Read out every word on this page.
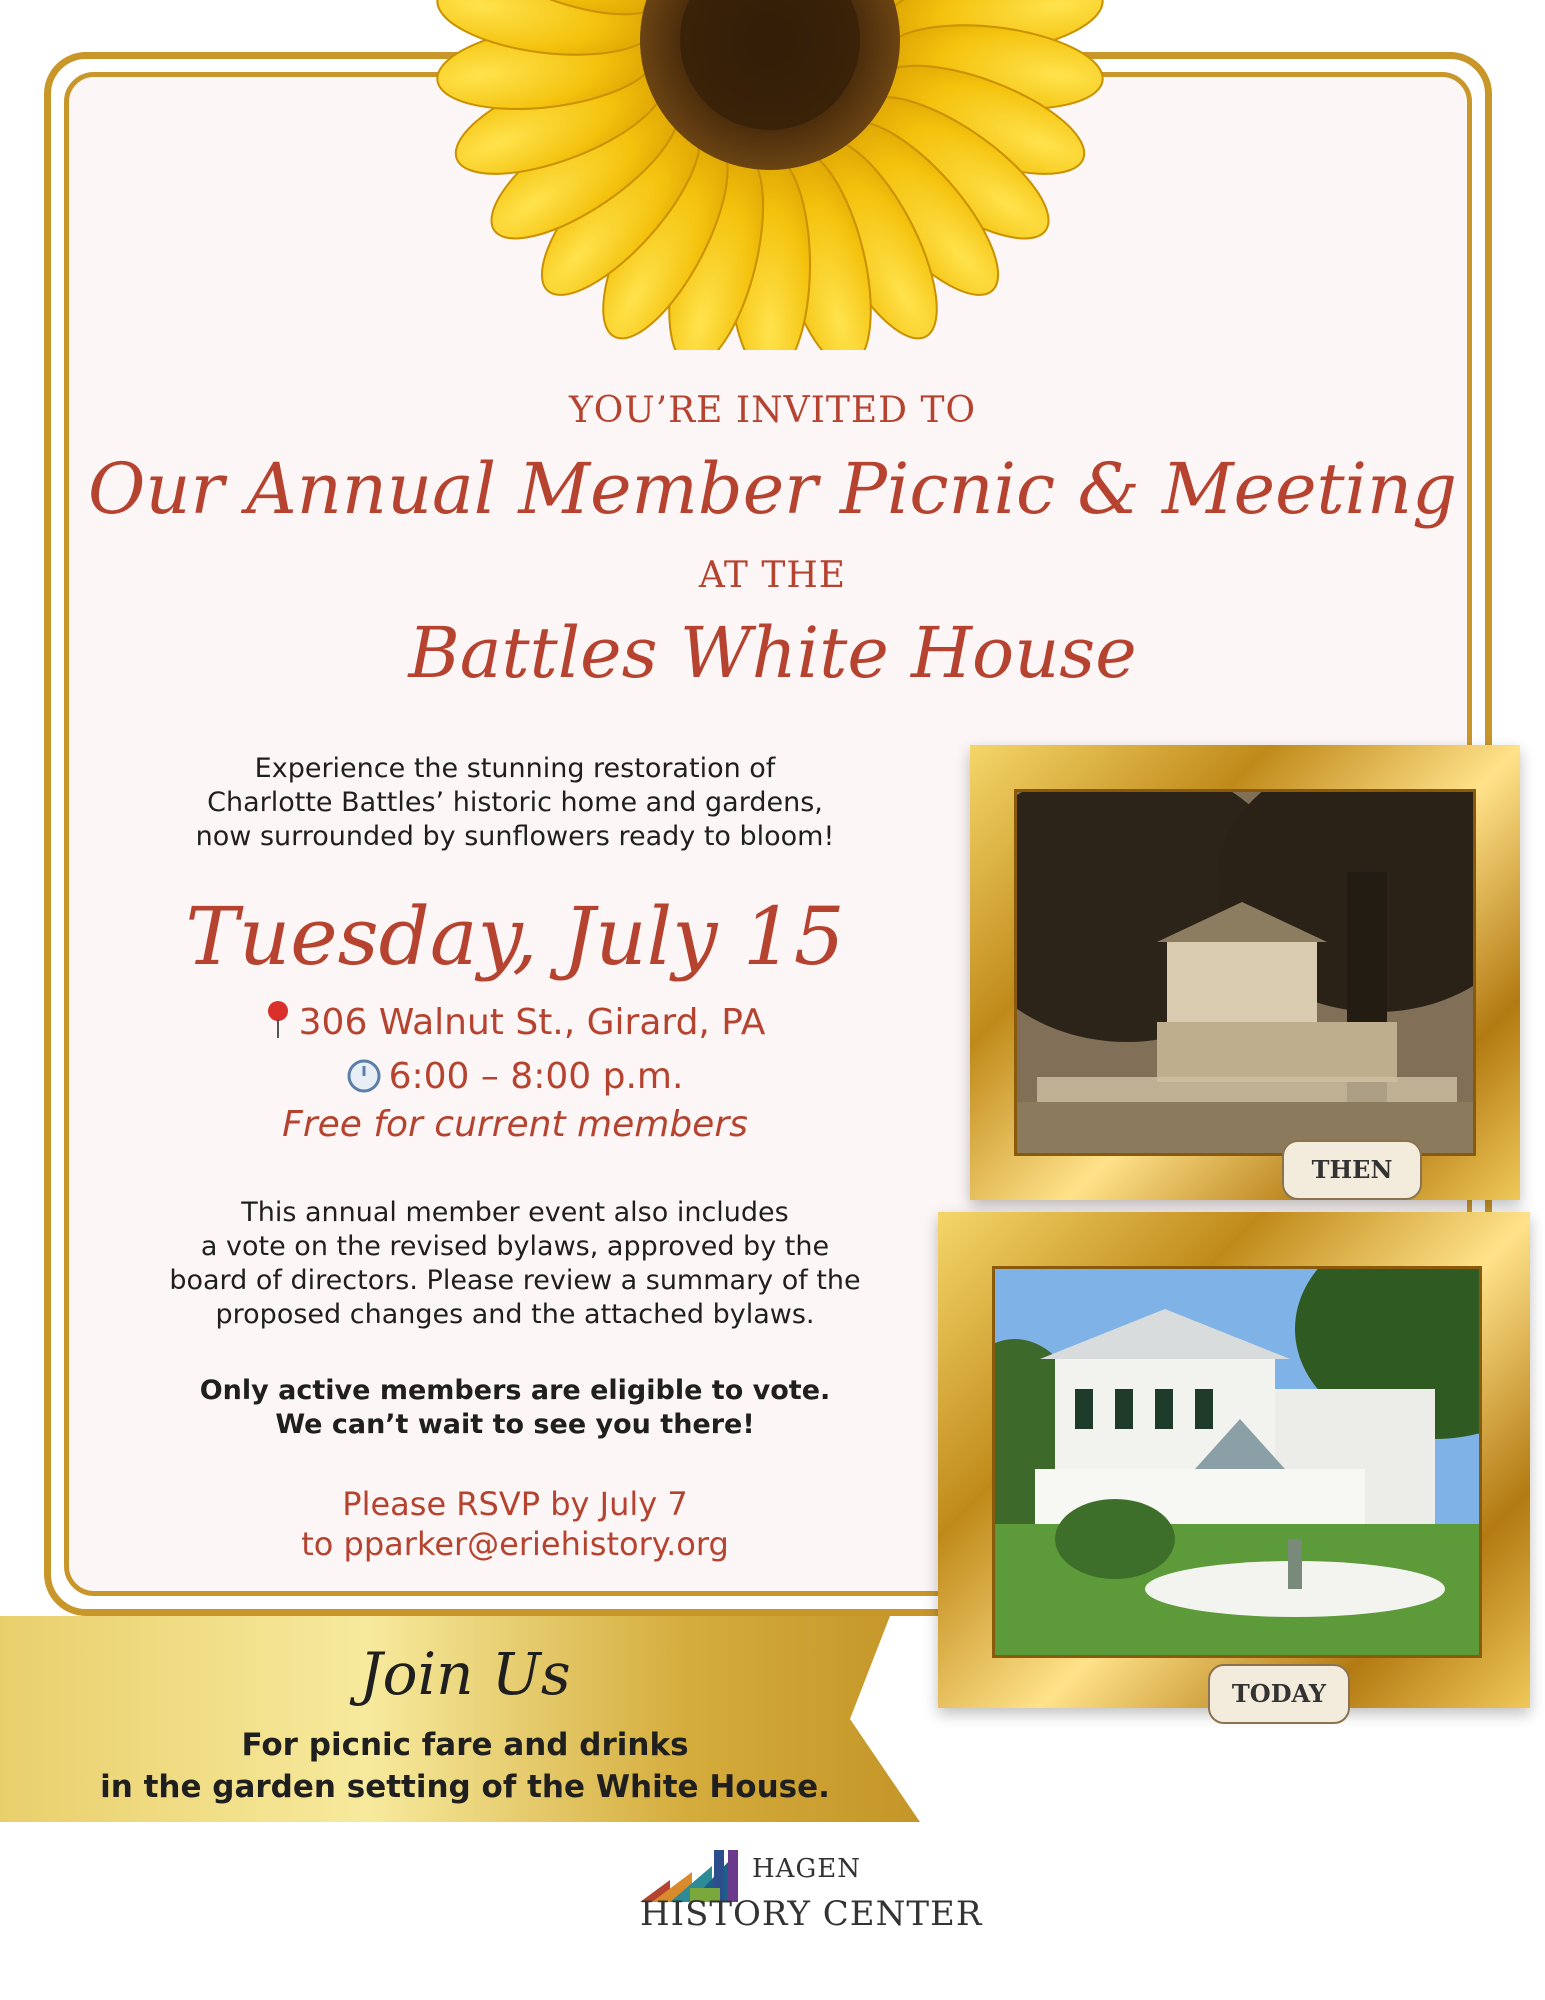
YOU’RE INVITED TO
Our Annual Member Picnic & Meeting
AT THE
Battles White House
Experience the stunning restoration of
Charlotte Battles’ historic home and gardens,
now surrounded by sunflowers ready to bloom!
Tuesday, July 15
306 Walnut St., Girard, PA
6:00 – 8:00 p.m.
Free for current members
This annual member event also includes
a vote on the revised bylaws, approved by the
board of directors. Please review a summary of the
proposed changes and the attached bylaws.
Only active members are eligible to vote.
We can’t wait to see you there!
Please RSVP by July 7
to pparker@eriehistory.org
THEN
TODAY
Join Us
For picnic fare and drinks
in the garden setting of the White House.
HAGEN
HISTORY CENTER
